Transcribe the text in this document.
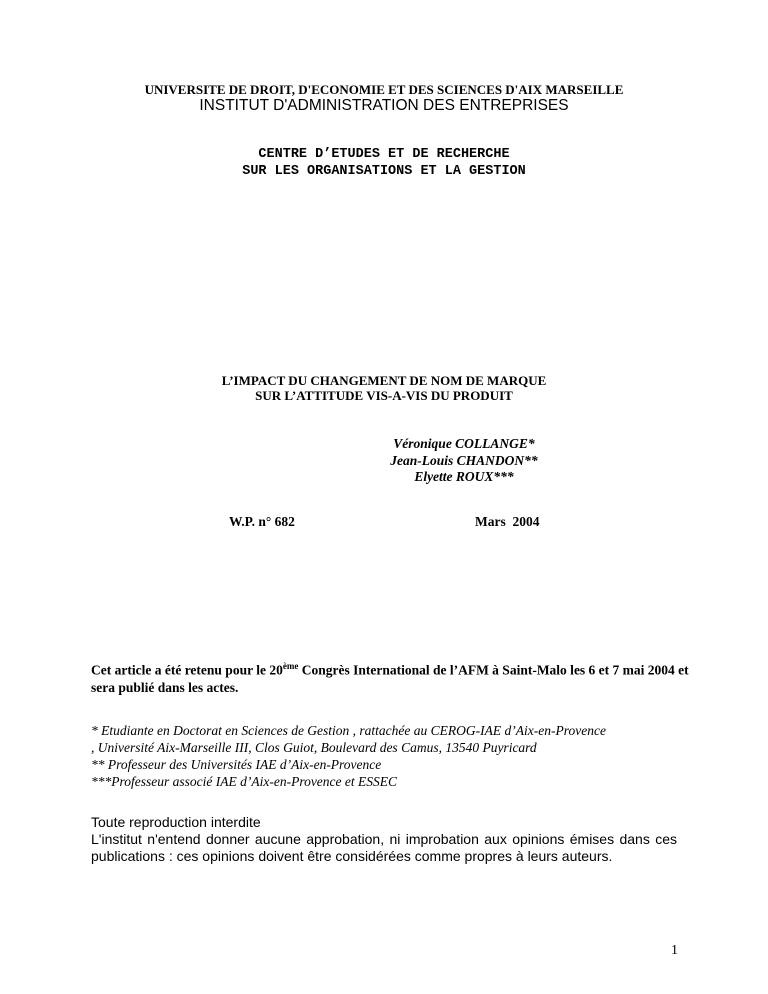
UNIVERSITE DE DROIT, D'ECONOMIE ET DES SCIENCES D'AIX MARSEILLE
INSTITUT D'ADMINISTRATION DES ENTREPRISES
CENTRE D’ETUDES ET DE RECHERCHE
SUR LES ORGANISATIONS ET LA GESTION
L’IMPACT DU CHANGEMENT DE NOM DE MARQUE
SUR L’ATTITUDE VIS-A-VIS DU PRODUIT
Véronique COLLANGE*
Jean-Louis CHANDON**
Elyette ROUX***
W.P. n° 682	Mars  2004
Cet article a été retenu pour le 20ème Congrès International de l’AFM à Saint-Malo les 6 et 7 mai 2004 et sera publié dans les actes.
* Etudiante en Doctorat en Sciences de Gestion , rattachée au CEROG-IAE d’Aix-en-Provence
, Université Aix-Marseille III, Clos Guiot, Boulevard des Camus, 13540 Puyricard
** Professeur des Universités IAE d’Aix-en-Provence
***Professeur associé IAE d’Aix-en-Provence et ESSEC
Toute reproduction interdite
L'institut n'entend donner aucune approbation, ni improbation aux opinions émises dans ces publications : ces opinions doivent être considérées comme propres à leurs auteurs.
1
